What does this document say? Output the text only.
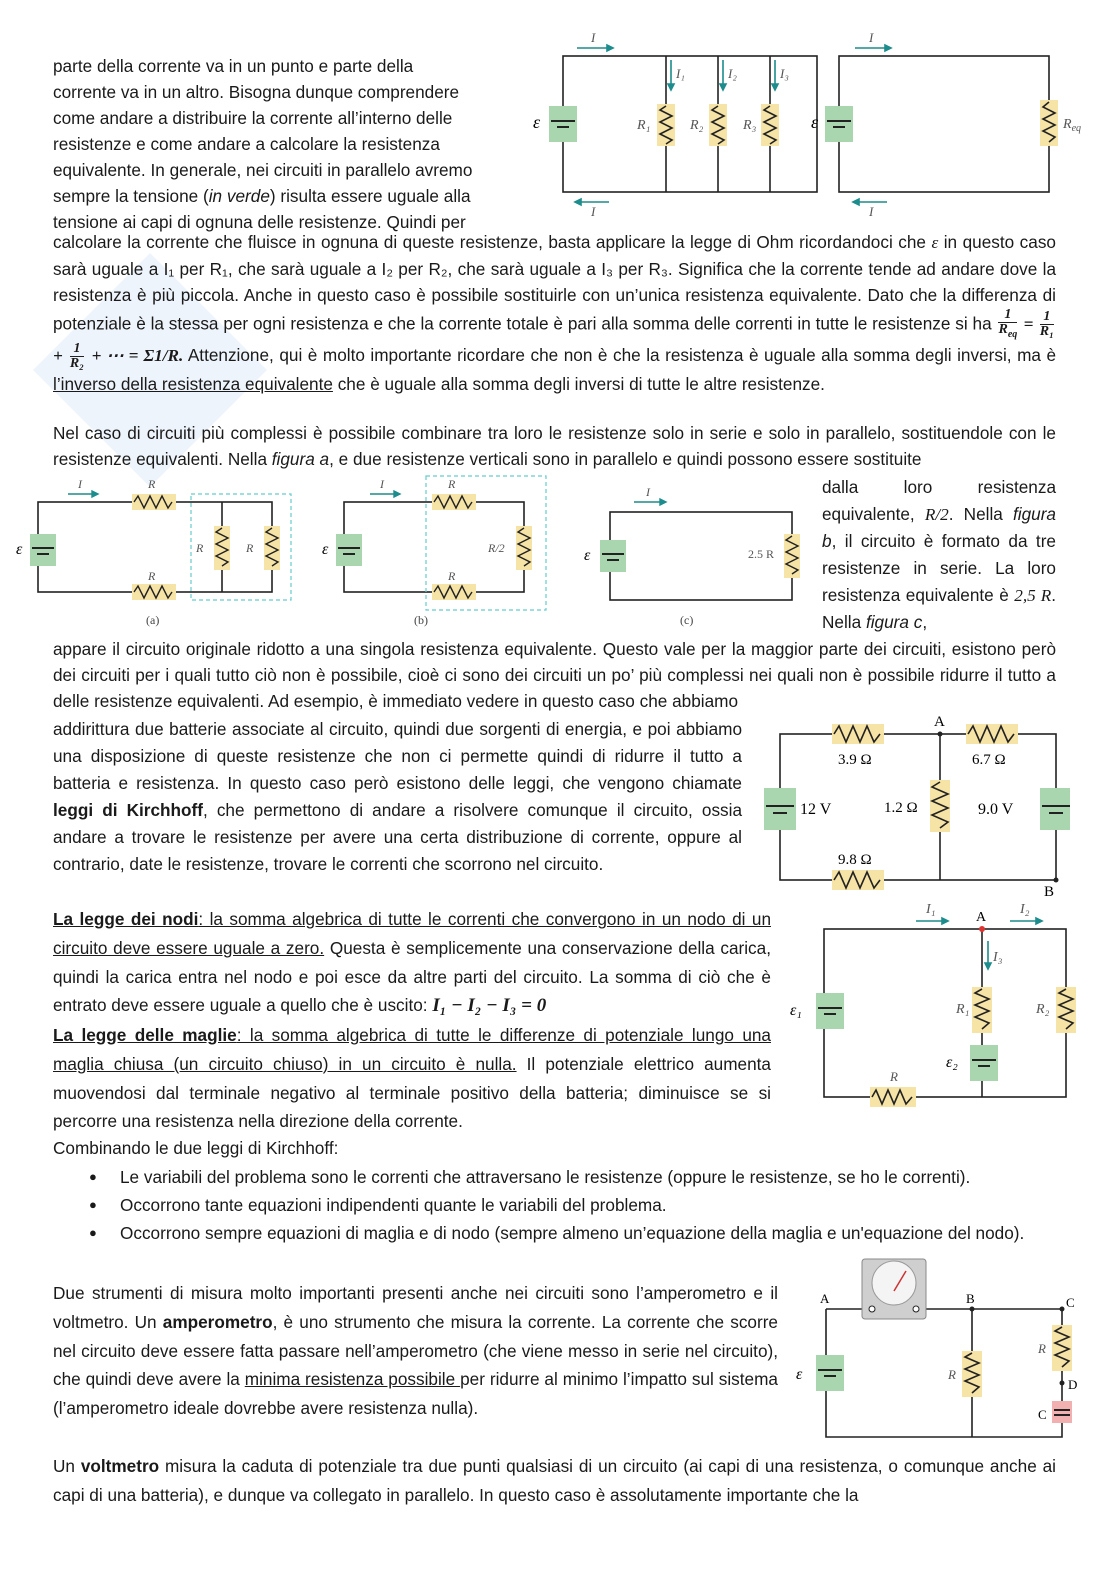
parte della corrente va in un punto e parte della
corrente va in un altro. Bisogna dunque comprendere
come andare a distribuire la corrente all’interno delle
resistenze e come andare a calcolare la resistenza
equivalente. In generale, nei circuiti in parallelo avremo
sempre la tensione (in verde) risulta essere uguale alla
tensione ai capi di ognuna delle resistenze. Quindi per
calcolare la corrente che fluisce in ognuna di queste resistenze, basta applicare la legge di Ohm ricordandoci che ε in questo caso sarà uguale a I₁ per R₁, che sarà uguale a I₂ per R₂, che sarà uguale a I₃ per R₃. Significa che la corrente tende ad andare dove la resistenza è più piccola. Anche in questo caso è possibile sostituirle con un’unica resistenza equivalente. Dato che la differenza di potenziale è la stessa per ogni resistenza e che la corrente totale è pari alla somma delle correnti in tutte le resistenze si ha $\frac{1}{R_{eq}} = \frac{1}{\text{R₁}}$
+ $\frac{1}{\text{R₂}}$ + ⋯ = Σ1/R. Attenzione, qui è molto importante ricordare che non è che la resistenza è uguale alla somma degli inversi, ma è l’inverso della resistenza equivalente che è uguale alla somma degli inversi di tutte le altre resistenze.
Nel caso di circuiti più complessi è possibile combinare tra loro le resistenze solo in serie e solo in parallelo, sostituendole con le resistenze equivalenti. Nella figura a, e due resistenze verticali sono in parallelo e quindi possono essere sostituite
dalla loro resistenza equivalente, R/2. Nella figura b, il circuito è formato da tre resistenze in serie. La loro resistenza equivalente è 2,5 R. Nella figura c,
appare il circuito originale ridotto a una singola resistenza equivalente. Questo vale per la maggior parte dei circuiti, esistono però dei circuiti per i quali tutto ciò non è possibile, cioè ci sono dei circuiti un po’ più complessi nei quali non è possibile ridurre il tutto a delle resistenze equivalenti. Ad esempio, è immediato vedere in questo caso che abbiamo
addirittura due batterie associate al circuito, quindi due sorgenti di energia, e poi abbiamo una disposizione di queste resistenze che non ci permette quindi di ridurre il tutto a batteria e resistenza. In questo caso però esistono delle leggi, che vengono chiamate leggi di Kirchhoff, che permettono di andare a risolvere comunque il circuito, ossia andare a trovare le resistenze per avere una certa distribuzione di corrente, oppure al contrario, date le resistenze, trovare le correnti che scorrono nel circuito.
La legge dei nodi: la somma algebrica di tutte le correnti che convergono in un nodo di un circuito deve essere uguale a zero. Questa è semplicemente una conservazione della carica, quindi la carica entra nel nodo e poi esce da altre parti del circuito. La somma di ciò che è entrato deve essere uguale a quello che è uscito: I₁ − I₂ − I₃ = 0
La legge delle maglie: la somma algebrica di tutte le differenze di potenziale lungo una maglia chiusa (un circuito chiuso) in un circuito è nulla. Il potenziale elettrico aumenta muovendosi dal terminale negativo al terminale positivo della batteria; diminuisce se si percorre una resistenza nella direzione della corrente.
Combinando le due leggi di Kirchhoff:
● Le variabili del problema sono le correnti che attraversano le resistenze (oppure le resistenze, se ho le correnti).
● Occorrono tante equazioni indipendenti quante le variabili del problema.
● Occorrono sempre equazioni di maglia e di nodo (sempre almeno un’equazione della maglia e un'equazione del nodo).
Due strumenti di misura molto importanti presenti anche nei circuiti sono l’amperometro e il voltmetro. Un amperometro, è uno strumento che misura la corrente. La corrente che scorre nel circuito deve essere fatta passare nell’amperometro (che viene messo in serie nel circuito), che quindi deve avere la minima resistenza possibile per ridurre al minimo l’impatto sul sistema (l’amperometro ideale dovrebbe avere resistenza nulla).
Un voltmetro misura la caduta di potenziale tra due punti qualsiasi di un circuito (ai capi di una resistenza, o comunque anche ai capi di una batteria), e dunque va collegato in parallelo. In questo caso è assolutamente importante che la
ε	R₁	R₂	R₃
I
I
I₁	I₂	I₃
I
I
ε	$R_{eq}$
ε
R
R
R	R
I
(a)
ε
R
R
R/2
I
(b)
ε	2.5 R
I
(c)
3.9 Ω	6.7 Ω
1.2 Ω
9.8 Ω
12 V	9.0 V
A
B
ε₁	R₁	R₂
ε₂
R
I₁	I₂
I₃
A
ε	R
R
A	B	C
D
C
